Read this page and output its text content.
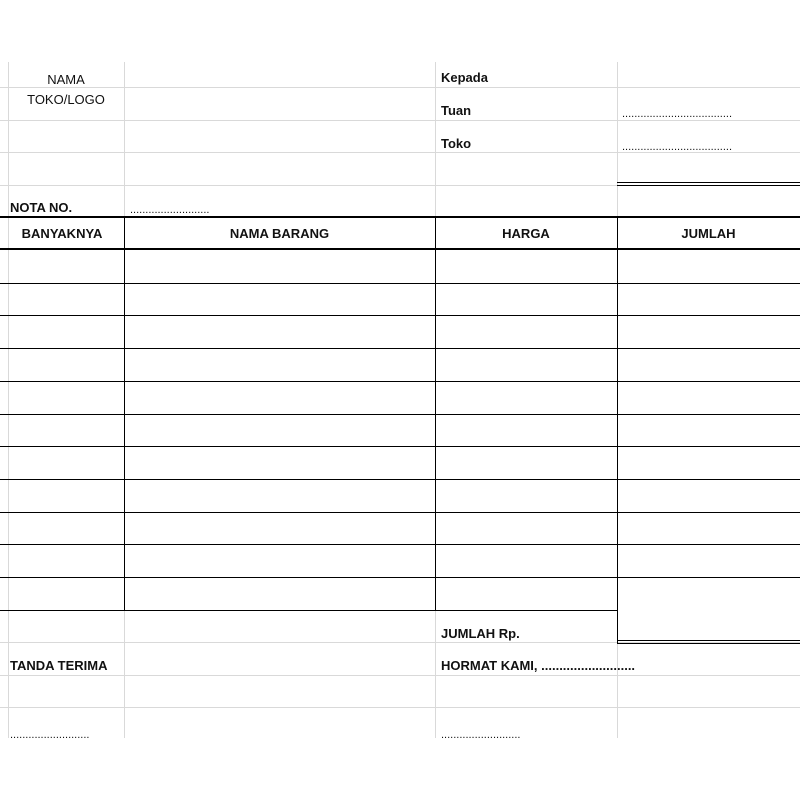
NAMA
TOKO/LOGO
Kepada
Tuan	....................................
Toko	....................................
NOTA NO.	..........................
BANYAKNYA	NAMA BARANG	HARGA	JUMLAH
JUMLAH Rp.
TANDA TERIMA	HORMAT KAMI, ..........................
..........................	..........................
